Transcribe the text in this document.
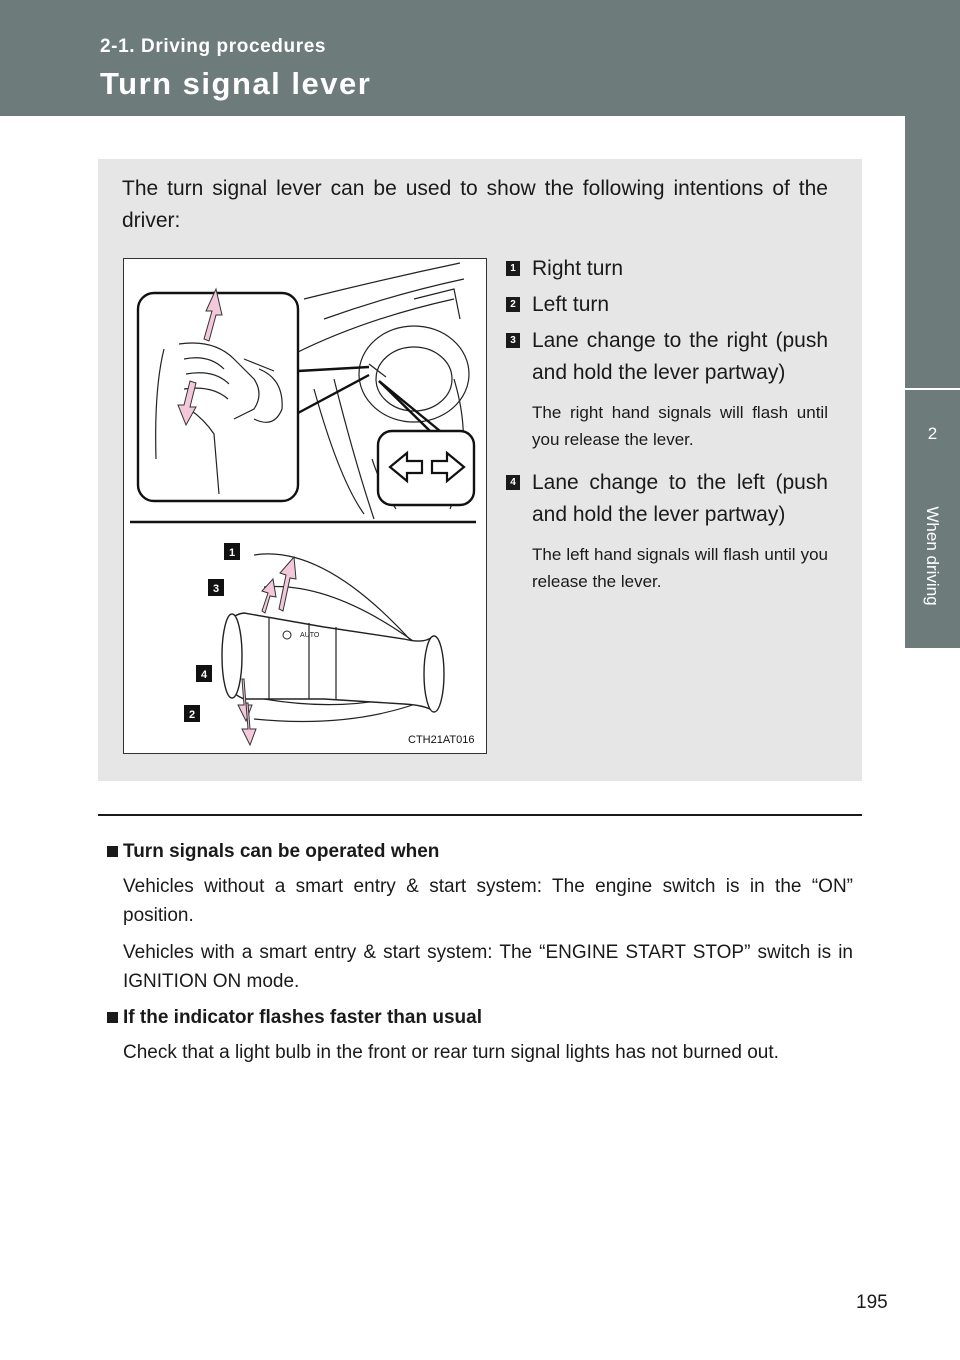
2-1. Driving procedures
Turn signal lever
2
When driving
The turn signal lever can be used to show the following intentions of the driver:
AUTO
1
3
4
2
CTH21AT016
1 Right turn
2 Left turn
3 Lane change to the right (push and hold the lever partway)
The right hand signals will flash until you release the lever.
4 Lane change to the left (push and hold the lever partway)
The left hand signals will flash until you release the lever.
Turn signals can be operated when
Vehicles without a smart entry & start system: The engine switch is in the “ON” position.
Vehicles with a smart entry & start system: The “ENGINE START STOP” switch is in IGNITION ON mode.
If the indicator flashes faster than usual
Check that a light bulb in the front or rear turn signal lights has not burned out.
195
